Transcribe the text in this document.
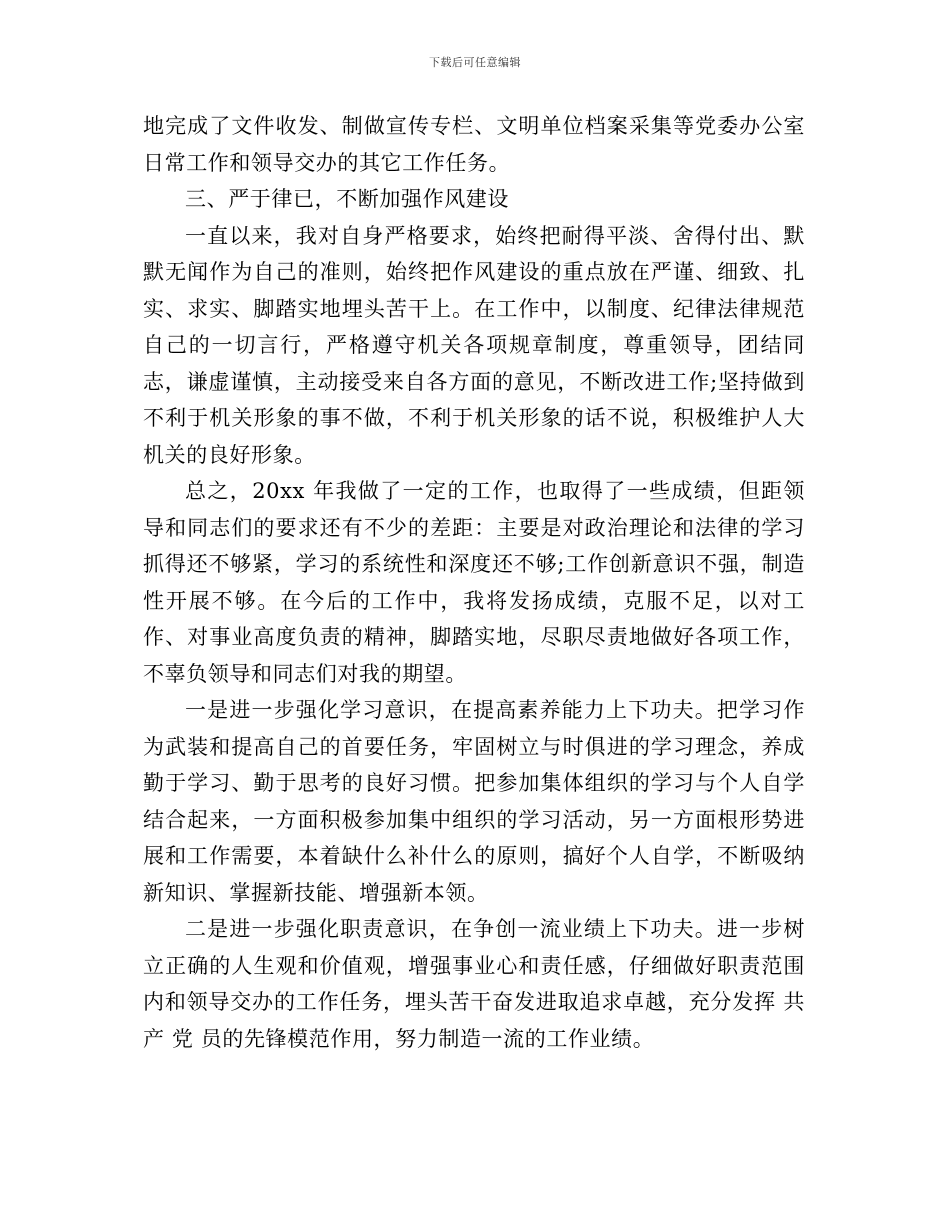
下载后可任意编辑

地完成了文件收发、制做宣传专栏、文明单位档案采集等党委办公室日常工作和领导交办的其它工作任务。

三、严于律已，不断加强作风建设

一直以来，我对自身严格要求，始终把耐得平淡、舍得付出、默默无闻作为自己的准则，始终把作风建设的重点放在严谨、细致、扎实、求实、脚踏实地埋头苦干上。在工作中，以制度、纪律法律规范自己的一切言行，严格遵守机关各项规章制度，尊重领导，团结同志，谦虚谨慎，主动接受来自各方面的意见，不断改进工作;坚持做到不利于机关形象的事不做，不利于机关形象的话不说，积极维护人大机关的良好形象。

总之，20xx 年我做了一定的工作，也取得了一些成绩，但距领导和同志们的要求还有不少的差距：主要是对政治理论和法律的学习抓得还不够紧，学习的系统性和深度还不够;工作创新意识不强，制造性开展不够。在今后的工作中，我将发扬成绩，克服不足，以对工作、对事业高度负责的精神，脚踏实地，尽职尽责地做好各项工作，不辜负领导和同志们对我的期望。

一是进一步强化学习意识，在提高素养能力上下功夫。把学习作为武装和提高自己的首要任务，牢固树立与时俱进的学习理念，养成勤于学习、勤于思考的良好习惯。把参加集体组织的学习与个人自学结合起来，一方面积极参加集中组织的学习活动，另一方面根形势进展和工作需要，本着缺什么补什么的原则，搞好个人自学，不断吸纳新知识、掌握新技能、增强新本领。

二是进一步强化职责意识，在争创一流业绩上下功夫。进一步树立正确的人生观和价值观，增强事业心和责任感，仔细做好职责范围内和领导交办的工作任务，埋头苦干奋发进取追求卓越，充分发挥 共 产 党 员的先锋模范作用，努力制造一流的工作业绩。
